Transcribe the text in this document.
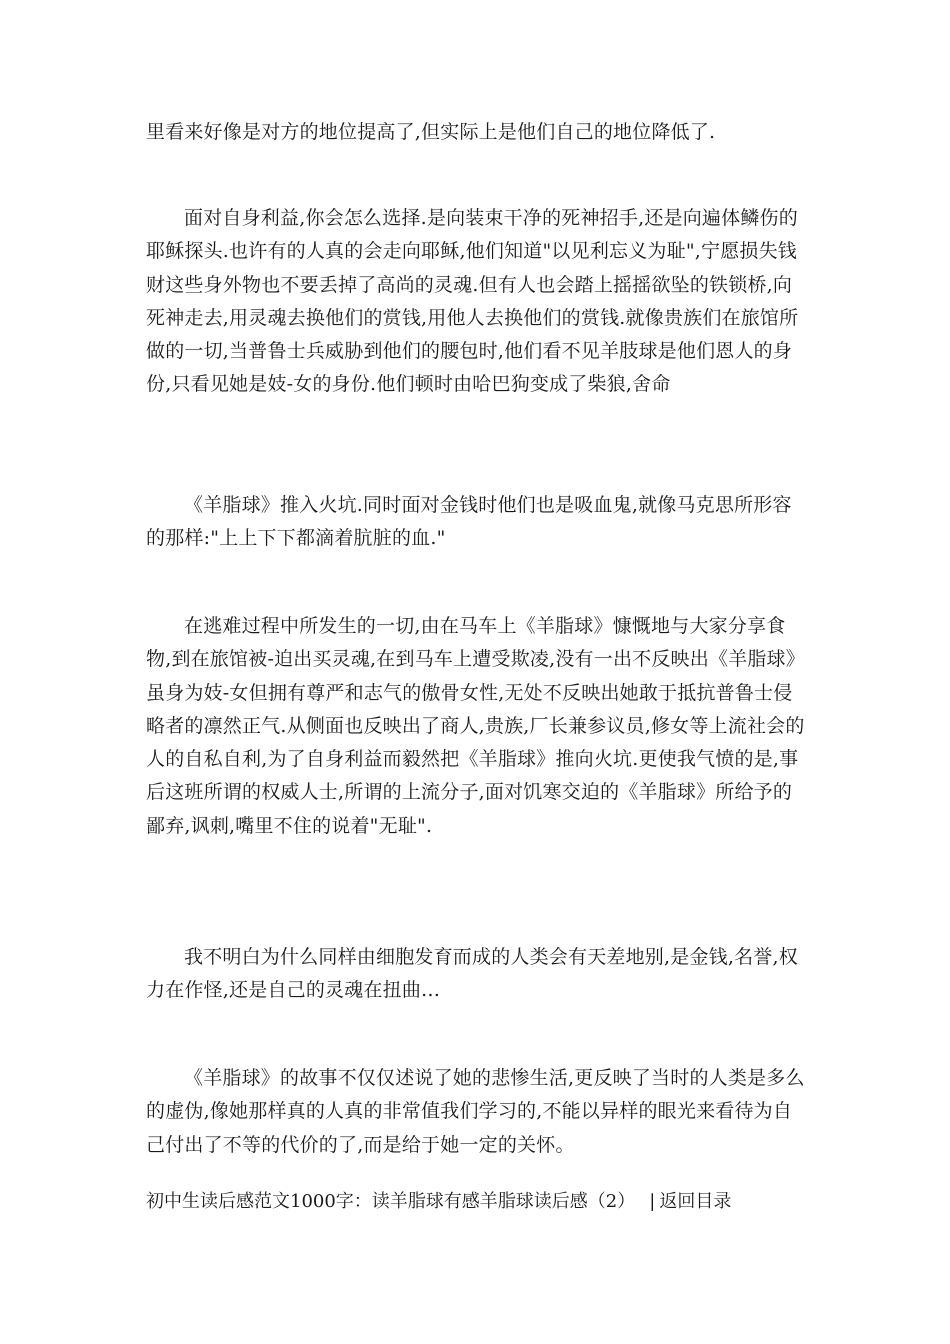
里看来好像是对方的地位提高了,但实际上是他们自己的地位降低了.

面对自身利益,你会怎么选择.是向装束干净的死神招手,还是向遍体鳞伤的耶稣探头.也许有的人真的会走向耶稣,他们知道"以见利忘义为耻",宁愿损失钱财这些身外物也不要丢掉了高尚的灵魂.但有人也会踏上摇摇欲坠的铁锁桥,向死神走去,用灵魂去换他们的赏钱,用他人去换他们的赏钱.就像贵族们在旅馆所做的一切,当普鲁士兵威胁到他们的腰包时,他们看不见羊肢球是他们恩人的身份,只看见她是妓-女的身份.他们顿时由哈巴狗变成了柴狼,舍命

《羊脂球》推入火坑.同时面对金钱时他们也是吸血鬼,就像马克思所形容的那样:"上上下下都滴着肮脏的血."

在逃难过程中所发生的一切,由在马车上《羊脂球》慷慨地与大家分享食物,到在旅馆被-迫出买灵魂,在到马车上遭受欺凌,没有一出不反映出《羊脂球》虽身为妓-女但拥有尊严和志气的傲骨女性,无处不反映出她敢于抵抗普鲁士侵略者的凛然正气.从侧面也反映出了商人,贵族,厂长兼参议员,修女等上流社会的人的自私自利,为了自身利益而毅然把《羊脂球》推向火坑.更使我气愤的是,事后这班所谓的权威人士,所谓的上流分子,面对饥寒交迫的《羊脂球》所给予的鄙弃,讽刺,嘴里不住的说着"无耻".

我不明白为什么同样由细胞发育而成的人类会有天差地别,是金钱,名誉,权力在作怪,还是自己的灵魂在扭曲…

《羊脂球》的故事不仅仅述说了她的悲惨生活,更反映了当时的人类是多么的虚伪,像她那样真的人真的非常值我们学习的,不能以异样的眼光来看待为自己付出了不等的代价的了,而是给于她一定的关怀。

初中生读后感范文1000字：读羊脂球有感羊脂球读后感（2） | 返回目录
